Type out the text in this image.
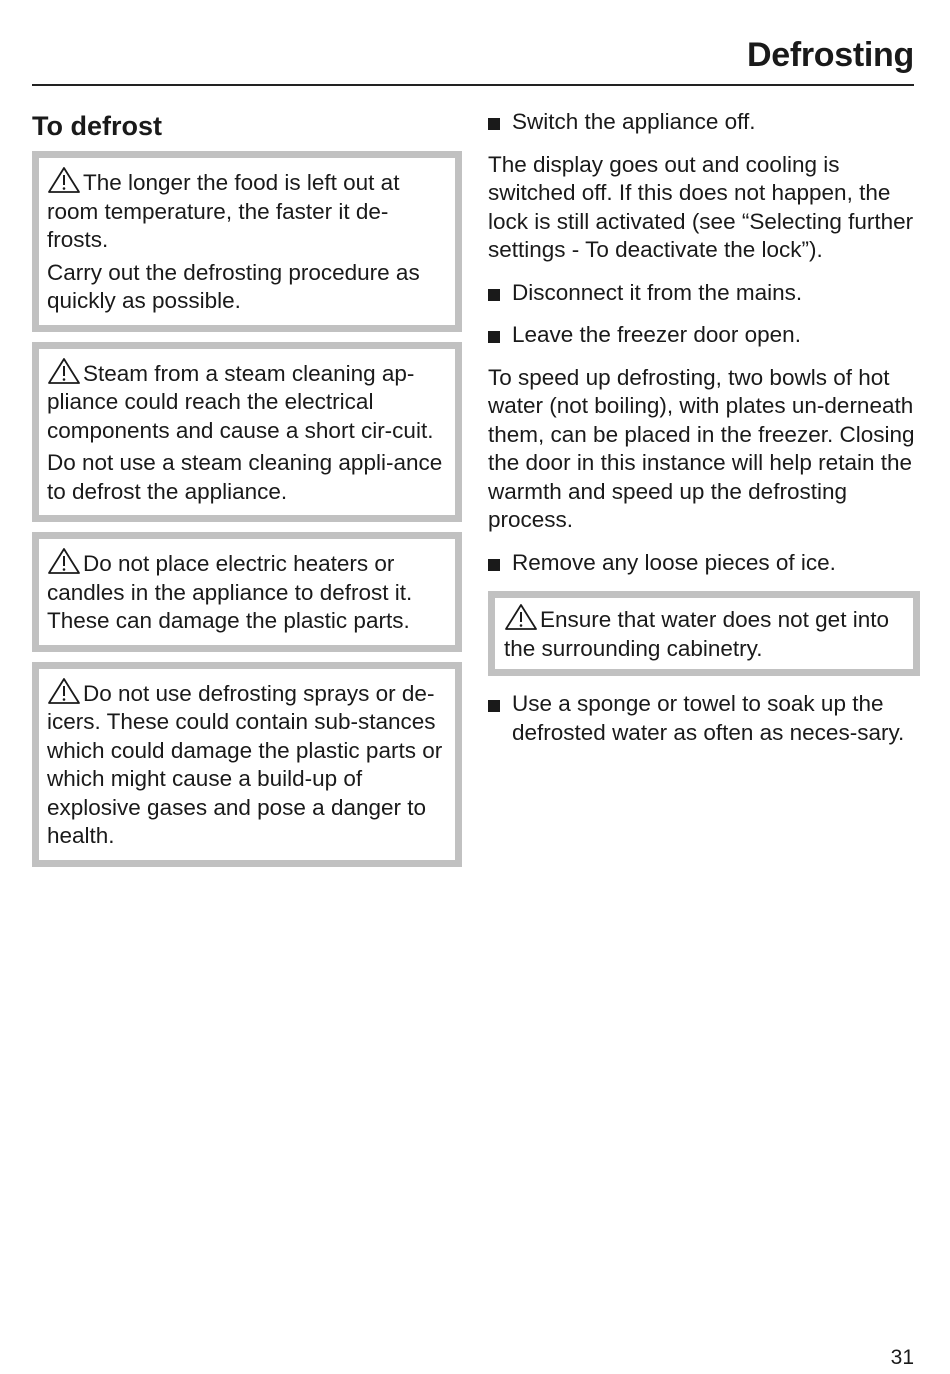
Defrosting
To defrost

The longer the food is left out at room temperature, the faster it de-frosts.

Carry out the defrosting procedure as quickly as possible.

Steam from a steam cleaning ap-pliance could reach the electrical components and cause a short cir-cuit.

Do not use a steam cleaning appli-ance to defrost the appliance.

Do not place electric heaters or candles in the appliance to defrost it. These can damage the plastic parts.

Do not use defrosting sprays or de-icers. These could contain sub-stances which could damage the plastic parts or which might cause a build-up of explosive gases and pose a danger to health.

Switch the appliance off.

The display goes out and cooling is switched off. If this does not happen, the lock is still activated (see “Selecting further settings - To deactivate the lock”).

Disconnect it from the mains.
Leave the freezer door open.

To speed up defrosting, two bowls of hot water (not boiling), with plates un-derneath them, can be placed in the freezer. Closing the door in this instance will help retain the warmth and speed up the defrosting process.

Remove any loose pieces of ice.

Ensure that water does not get into the surrounding cabinetry.

Use a sponge or towel to soak up the defrosted water as often as neces-sary.
31
